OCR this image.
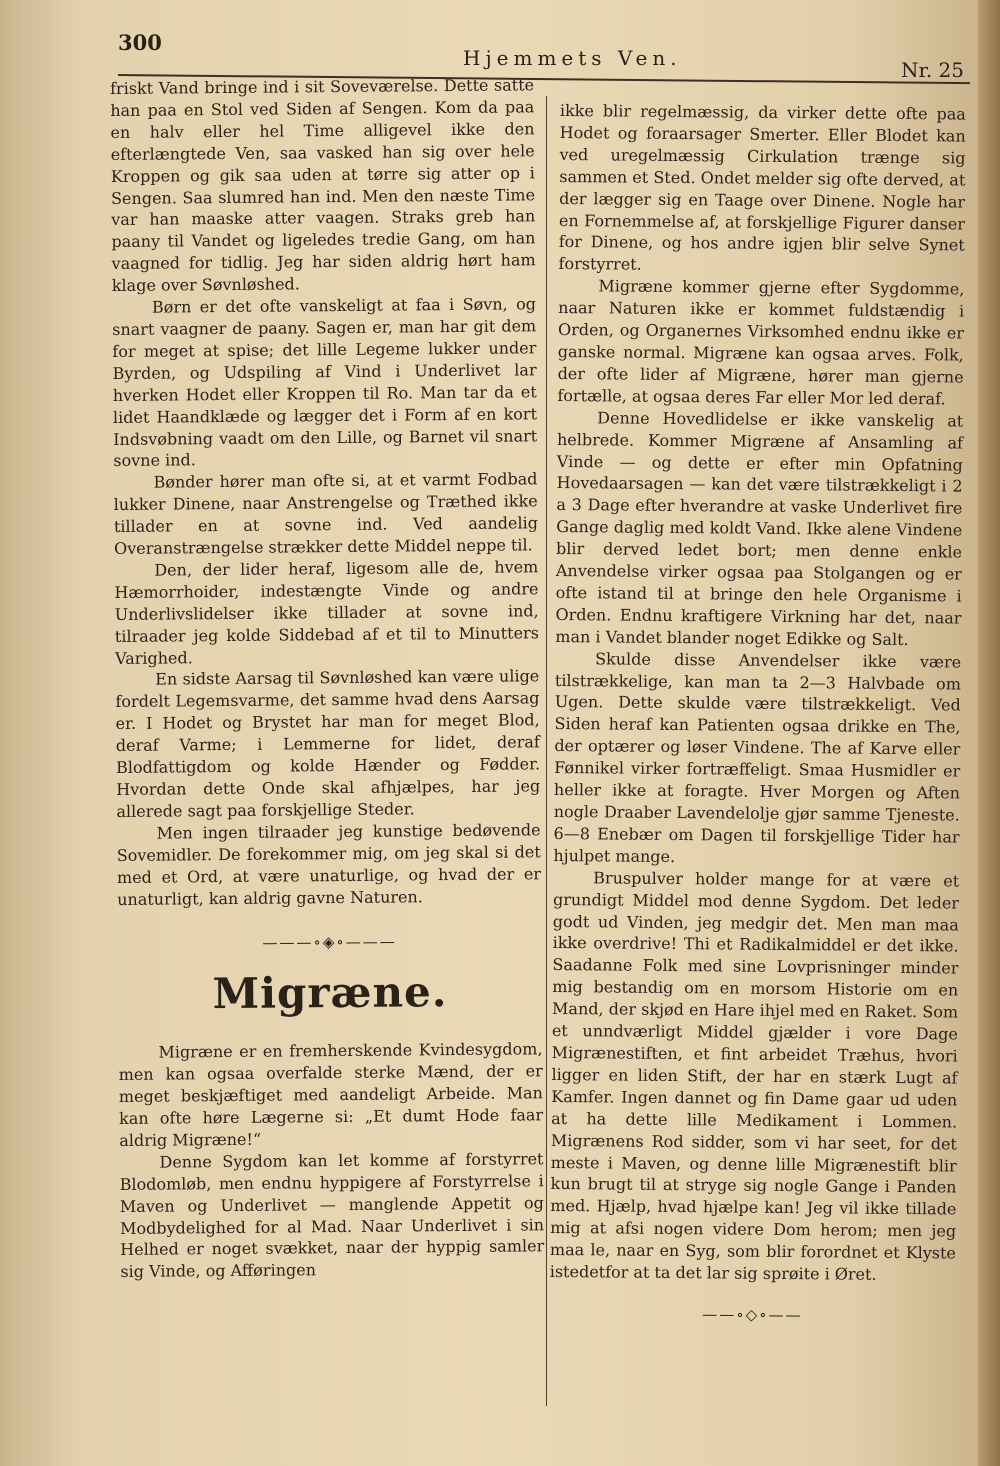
300
Hjemmets Ven.	Nr. 25

friskt Vand bringe ind i sit Soveværelse. Dette satte han paa en Stol ved Siden af Sengen. Kom da paa en halv eller hel Time alligevel ikke den efterlængtede Ven, saa vasked han sig over hele Kroppen og gik saa uden at tørre sig atter op i Sengen. Saa slumred han ind. Men den næste Time var han maaske atter vaagen. Straks greb han paany til Vandet og ligeledes tredie Gang, om han vaagned for tidlig. Jeg har siden aldrig hørt ham klage over Søvnløshed.

Børn er det ofte vanskeligt at faa i Søvn, og snart vaagner de paany. Sagen er, man har git dem for meget at spise; det lille Legeme lukker under Byrden, og Udspiling af Vind i Underlivet lar hverken Hodet eller Kroppen til Ro. Man tar da et lidet Haandklæde og lægger det i Form af en kort Indsvøbning vaadt om den Lille, og Barnet vil snart sovne ind.

Bønder hører man ofte si, at et varmt Fodbad lukker Dinene, naar Anstrengelse og Træthed ikke tillader en at sovne ind. Ved aandelig Overanstrængelse strækker dette Middel neppe til.

Den, der lider heraf, ligesom alle de, hvem Hæmorrhoider, indestængte Vinde og andre Underlivslidelser ikke tillader at sovne ind, tilraader jeg kolde Siddebad af et til to Minutters Varighed.

En sidste Aarsag til Søvnløshed kan være ulige fordelt Legemsvarme, det samme hvad dens Aarsag er. I Hodet og Brystet har man for meget Blod, deraf Varme; i Lemmerne for lidet, deraf Blodfattigdom og kolde Hænder og Fødder. Hvordan dette Onde skal afhjælpes, har jeg allerede sagt paa forskjellige Steder.

Men ingen tilraader jeg kunstige bedøvende Sovemidler. De forekommer mig, om jeg skal si det med et Ord, at være unaturlige, og hvad der er unaturligt, kan aldrig gavne Naturen.

———∘◈∘———
Migræne.

Migræne er en fremherskende Kvindesygdom, men kan ogsaa overfalde sterke Mænd, der er meget beskjæftiget med aandeligt Arbeide. Man kan ofte høre Lægerne si: „Et dumt Hode faar aldrig Migræne!“

Denne Sygdom kan let komme af forstyrret Blodomløb, men endnu hyppigere af Forstyrrelse i Maven og Underlivet — manglende Appetit og Modbydelighed for al Mad. Naar Underlivet i sin Helhed er noget svækket, naar der hyppig samler sig Vinde, og Afføringen

ikke blir regelmæssig, da virker dette ofte paa Hodet og foraarsager Smerter. Eller Blodet kan ved uregelmæssig Cirkulation trænge sig sammen et Sted. Ondet melder sig ofte derved, at der lægger sig en Taage over Dinene. Nogle har en Fornemmelse af, at forskjellige Figurer danser for Dinene, og hos andre igjen blir selve Synet forstyrret.

Migræne kommer gjerne efter Sygdomme, naar Naturen ikke er kommet fuldstændig i Orden, og Organernes Virksomhed endnu ikke er ganske normal. Migræne kan ogsaa arves. Folk, der ofte lider af Migræne, hører man gjerne fortælle, at ogsaa deres Far eller Mor led deraf.

Denne Hovedlidelse er ikke vanskelig at helbrede. Kommer Migræne af Ansamling af Vinde — og dette er efter min Opfatning Hovedaarsagen — kan det være tilstrækkeligt i 2 a 3 Dage efter hverandre at vaske Underlivet fire Gange daglig med koldt Vand. Ikke alene Vindene blir derved ledet bort; men denne enkle Anvendelse virker ogsaa paa Stolgangen og er ofte istand til at bringe den hele Organisme i Orden. Endnu kraftigere Virkning har det, naar man i Vandet blander noget Edikke og Salt.

Skulde disse Anvendelser ikke være tilstrækkelige, kan man ta 2—3 Halvbade om Ugen. Dette skulde være tilstrækkeligt. Ved Siden heraf kan Patienten ogsaa drikke en The, der optærer og løser Vindene. The af Karve eller Fønnikel virker fortræffeligt. Smaa Husmidler er heller ikke at foragte. Hver Morgen og Aften nogle Draaber Lavendelolje gjør samme Tjeneste. 6—8 Enebær om Dagen til forskjellige Tider har hjulpet mange.

Bruspulver holder mange for at være et grundigt Middel mod denne Sygdom. Det leder godt ud Vinden, jeg medgir det. Men man maa ikke overdrive! Thi et Radikalmiddel er det ikke. Saadanne Folk med sine Lovprisninger minder mig bestandig om en morsom Historie om en Mand, der skjød en Hare ihjel med en Raket. Som et unndværligt Middel gjælder i vore Dage Migrænestiften, et fint arbeidet Træhus, hvori ligger en liden Stift, der har en stærk Lugt af Kamfer. Ingen dannet og fin Dame gaar ud uden at ha dette lille Medikament i Lommen. Migrænens Rod sidder, som vi har seet, for det meste i Maven, og denne lille Migrænestift blir kun brugt til at stryge sig nogle Gange i Panden med. Hjælp, hvad hjælpe kan! Jeg vil ikke tillade mig at afsi nogen videre Dom herom; men jeg maa le, naar en Syg, som blir forordnet et Klyste istedetfor at ta det lar sig sprøite i Øret.

——∘◇∘——
